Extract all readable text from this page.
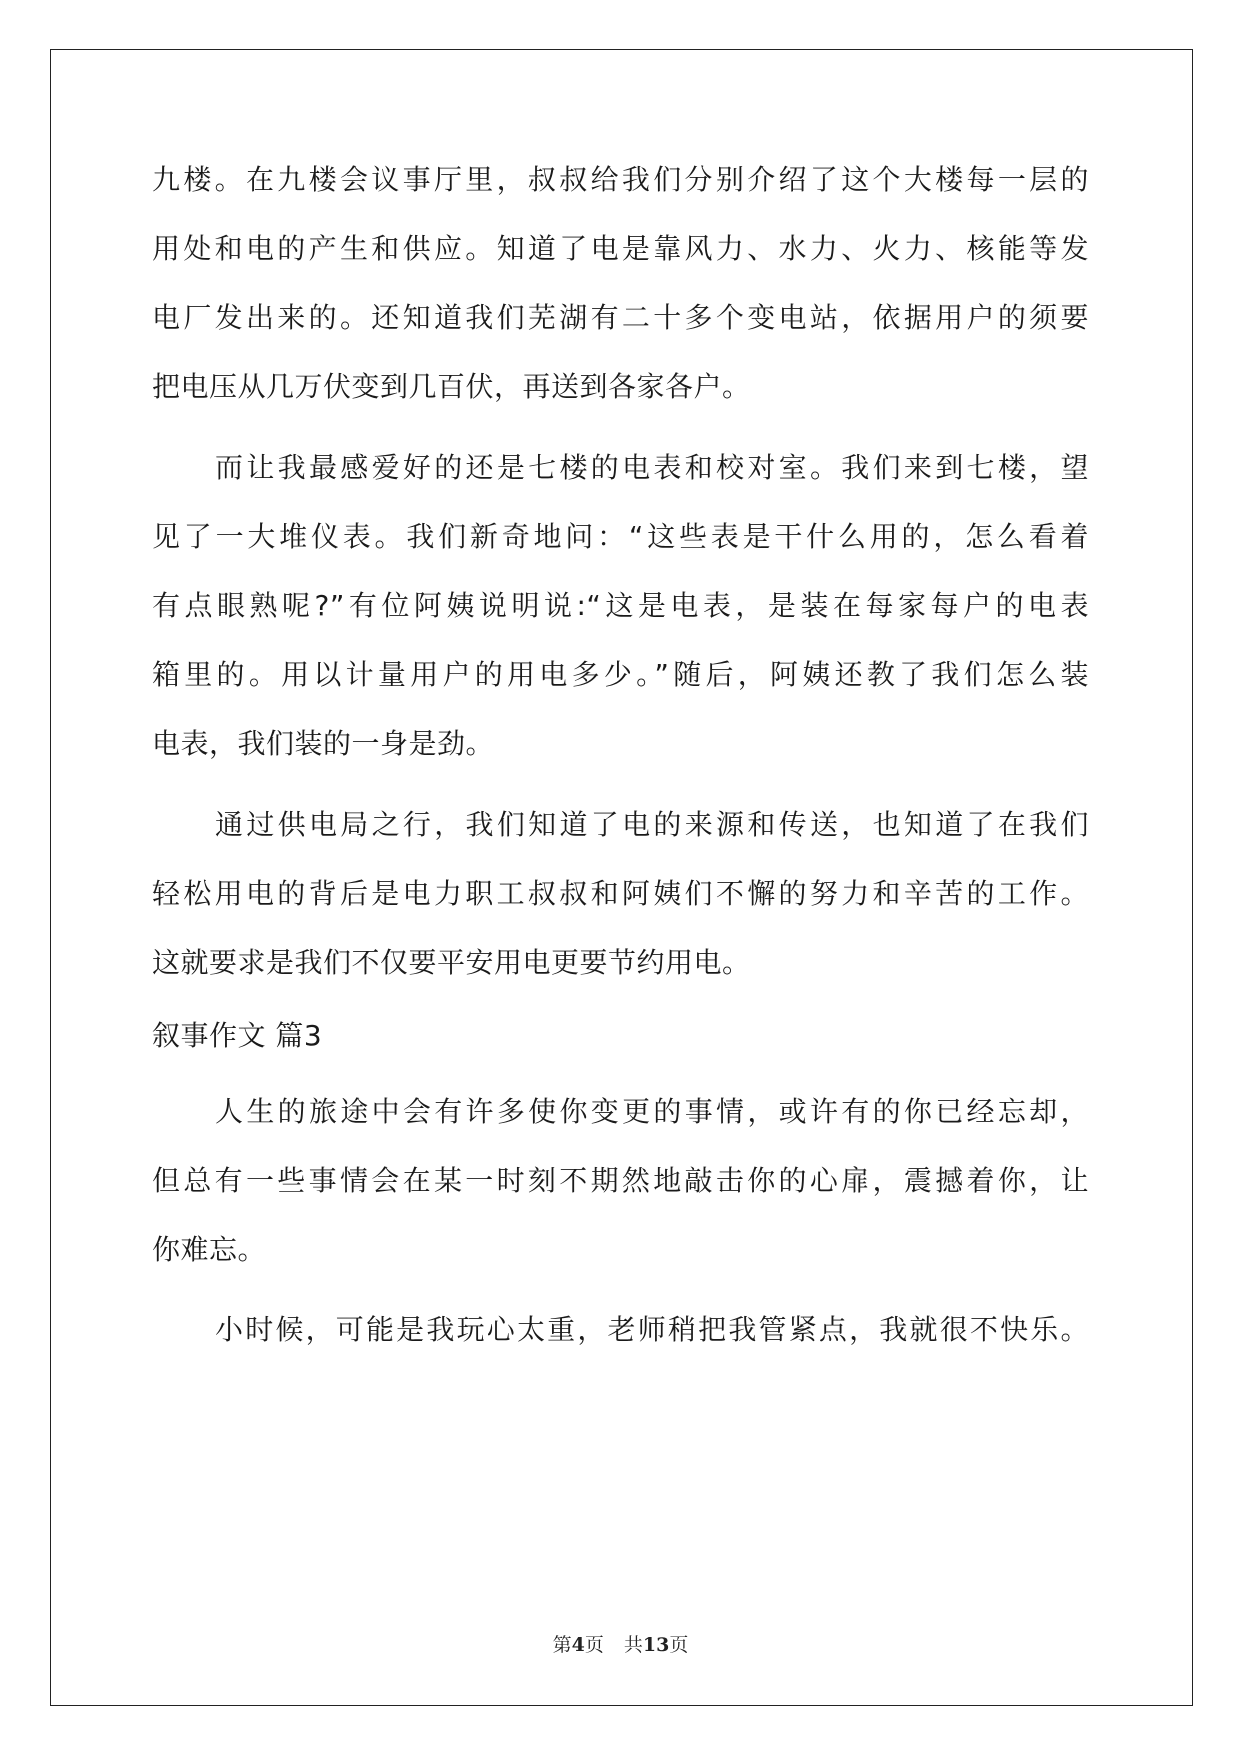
九楼。在九楼会议事厅里，叔叔给我们分别介绍了这个大楼每一层的
用处和电的产生和供应。知道了电是靠风力、水力、火力、核能等发
电厂发出来的。还知道我们芜湖有二十多个变电站，依据用户的须要
把电压从几万伏变到几百伏，再送到各家各户。
而让我最感爱好的还是七楼的电表和校对室。我们来到七楼，望
见了一大堆仪表。我们新奇地问：“这些表是干什么用的，怎么看着
有点眼熟呢?”有位阿姨说明说:“这是电表，是装在每家每户的电表
箱里的。用以计量用户的用电多少。”随后，阿姨还教了我们怎么装
电表，我们装的一身是劲。
通过供电局之行，我们知道了电的来源和传送，也知道了在我们
轻松用电的背后是电力职工叔叔和阿姨们不懈的努力和辛苦的工作。
这就要求是我们不仅要平安用电更要节约用电。
叙事作文 篇3
人生的旅途中会有许多使你变更的事情，或许有的你已经忘却，
但总有一些事情会在某一时刻不期然地敲击你的心扉，震撼着你，让
你难忘。
小时候，可能是我玩心太重，老师稍把我管紧点，我就很不快乐。
第4页 共13页
